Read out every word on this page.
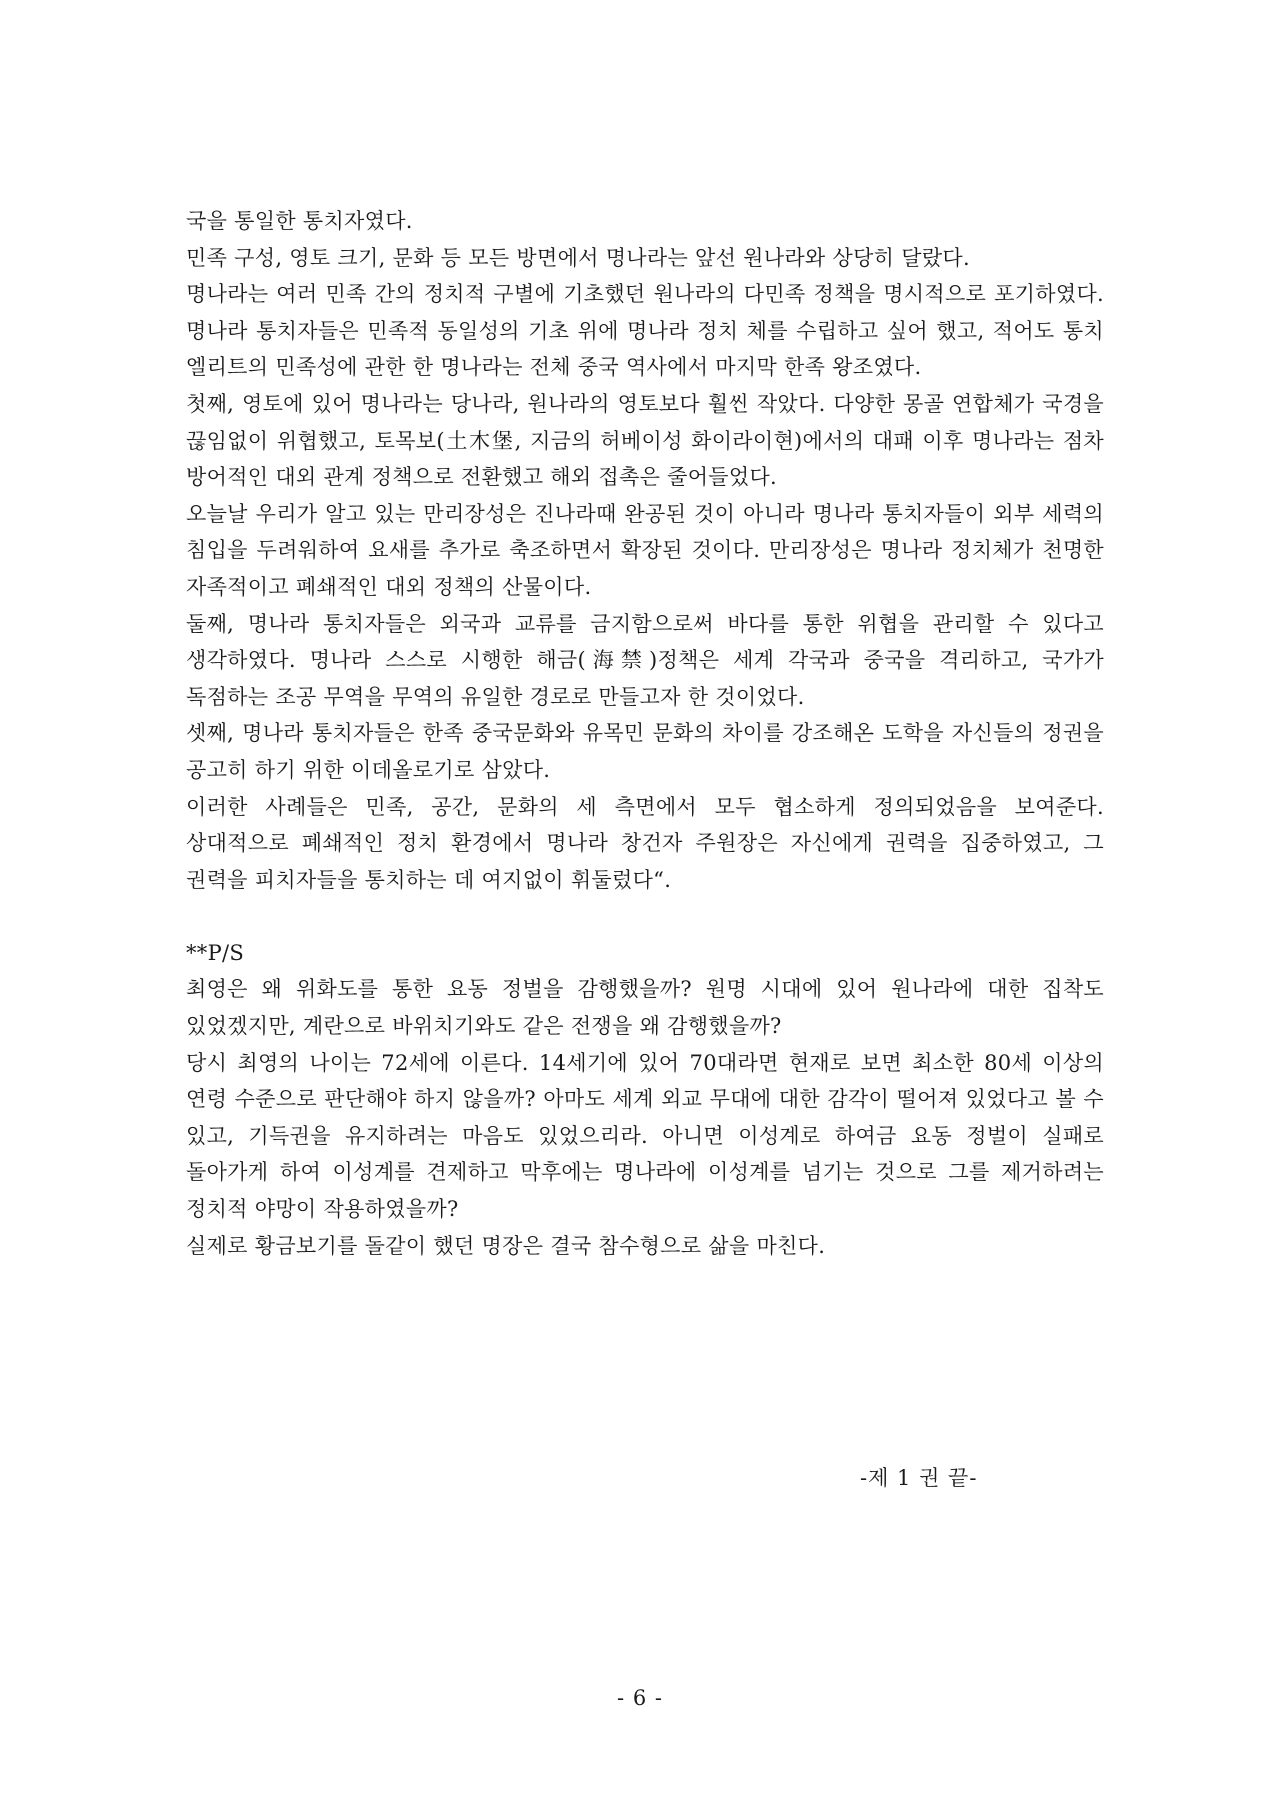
국을 통일한 통치자였다.

민족 구성, 영토 크기, 문화 등 모든 방면에서 명나라는 앞선 원나라와 상당히 달랐다.

명나라는 여러 민족 간의 정치적 구별에 기초했던 원나라의 다민족 정책을 명시적으로 포기하였다. 명나라 통치자들은 민족적 동일성의 기초 위에 명나라 정치 체를 수립하고 싶어 했고, 적어도 통치 엘리트의 민족성에 관한 한 명나라는 전체 중국 역사에서 마지막 한족 왕조였다.

첫째, 영토에 있어 명나라는 당나라, 원나라의 영토보다 훨씬 작았다. 다양한 몽골 연합체가 국경을 끊임없이 위협했고, 토목보(土木堡, 지금의 허베이성 화이라이현)에서의 대패 이후 명나라는 점차 방어적인 대외 관계 정책으로 전환했고 해외 접촉은 줄어들었다.

오늘날 우리가 알고 있는 만리장성은 진나라때 완공된 것이 아니라 명나라 통치자들이 외부 세력의 침입을 두려워하여 요새를 추가로 축조하면서 확장된 것이다. 만리장성은 명나라 정치체가 천명한 자족적이고 폐쇄적인 대외 정책의 산물이다.

둘째, 명나라 통치자들은 외국과 교류를 금지함으로써 바다를 통한 위협을 관리할 수 있다고 생각하였다. 명나라 스스로 시행한 해금(海禁)정책은 세계 각국과 중국을 격리하고, 국가가 독점하는 조공 무역을 무역의 유일한 경로로 만들고자 한 것이었다.

셋째, 명나라 통치자들은 한족 중국문화와 유목민 문화의 차이를 강조해온 도학을 자신들의 정권을 공고히 하기 위한 이데올로기로 삼았다.

이러한 사례들은 민족, 공간, 문화의 세 측면에서 모두 협소하게 정의되었음을 보여준다. 상대적으로 폐쇄적인 정치 환경에서 명나라 창건자 주원장은 자신에게 권력을 집중하였고, 그 권력을 피치자들을 통치하는 데 여지없이 휘둘렀다“.

**P/S

최영은 왜 위화도를 통한 요동 정벌을 감행했을까? 원명 시대에 있어 원나라에 대한 집착도 있었겠지만, 계란으로 바위치기와도 같은 전쟁을 왜 감행했을까?

당시 최영의 나이는 72세에 이른다. 14세기에 있어 70대라면 현재로 보면 최소한 80세 이상의 연령 수준으로 판단해야 하지 않을까? 아마도 세계 외교 무대에 대한 감각이 떨어져 있었다고 볼 수 있고, 기득권을 유지하려는 마음도 있었으리라. 아니면 이성계로 하여금 요동 정벌이 실패로 돌아가게 하여 이성계를 견제하고 막후에는 명나라에 이성계를 넘기는 것으로 그를 제거하려는 정치적 야망이 작용하였을까?

실제로 황금보기를 돌같이 했던 명장은 결국 참수형으로 삶을 마친다.

-제 1 권 끝-
- 6 -
